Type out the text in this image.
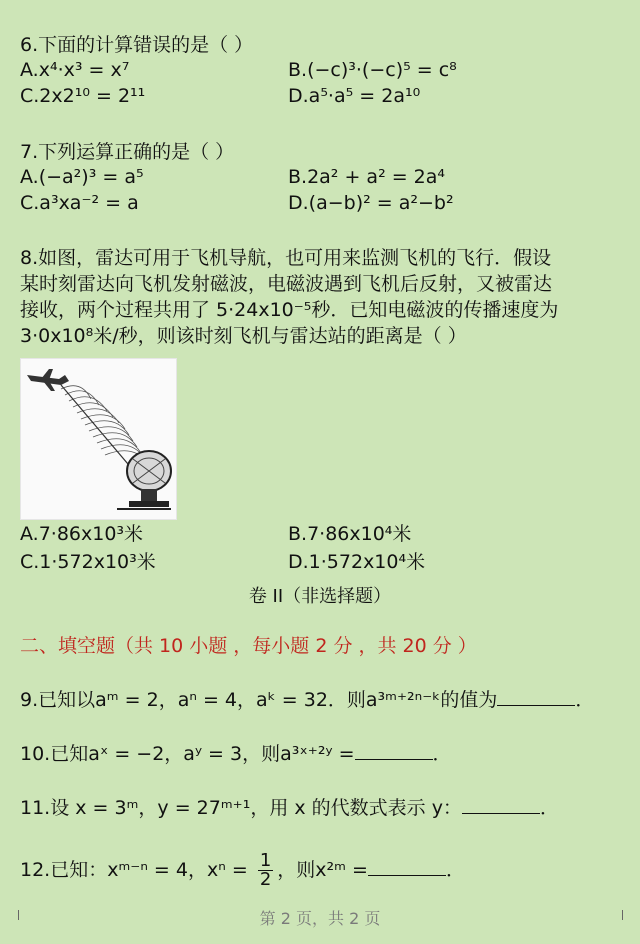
6.下面的计算错误的是（ ）
A.x⁴·x³ = x⁷	B.(−c)³·(−c)⁵ = c⁸
C.2x2¹⁰ = 2¹¹	D.a⁵·a⁵ = 2a¹⁰
7.下列运算正确的是（ ）
A.(−a²)³ = a⁵	B.2a² + a² = 2a⁴
C.a³xa⁻² = a	D.(a−b)² = a²−b²
8.如图，雷达可用于飞机导航，也可用来监测飞机的飞行．假设
某时刻雷达向飞机发射磁波，电磁波遇到飞机后反射，又被雷达
接收，两个过程共用了 5·24x10⁻⁵秒．已知电磁波的传播速度为
3·0x10⁸米/秒，则该时刻飞机与雷达站的距离是（ ）
A.7·86x10³米	B.7·86x10⁴米
C.1·572x10³米	D.1·572x10⁴米
卷 II（非选择题）
二、填空题（共 10 小题 ，每小题 2 分 ，共 20 分 ）
9.已知以aᵐ = 2，aⁿ = 4，aᵏ = 32．则a³ᵐ⁺²ⁿ⁻ᵏ的值为	．
10.已知aˣ = −2，aʸ = 3，则a³ˣ⁺²ʸ =	．
11.设 x = 3ᵐ，y = 27ᵐ⁺¹，用 x 的代数式表示 y：	．
12.已知：xᵐ⁻ⁿ = 4，$x^n = \frac{1}{2}$ ，则x²ᵐ =	．
第 2 页，共 2 页
